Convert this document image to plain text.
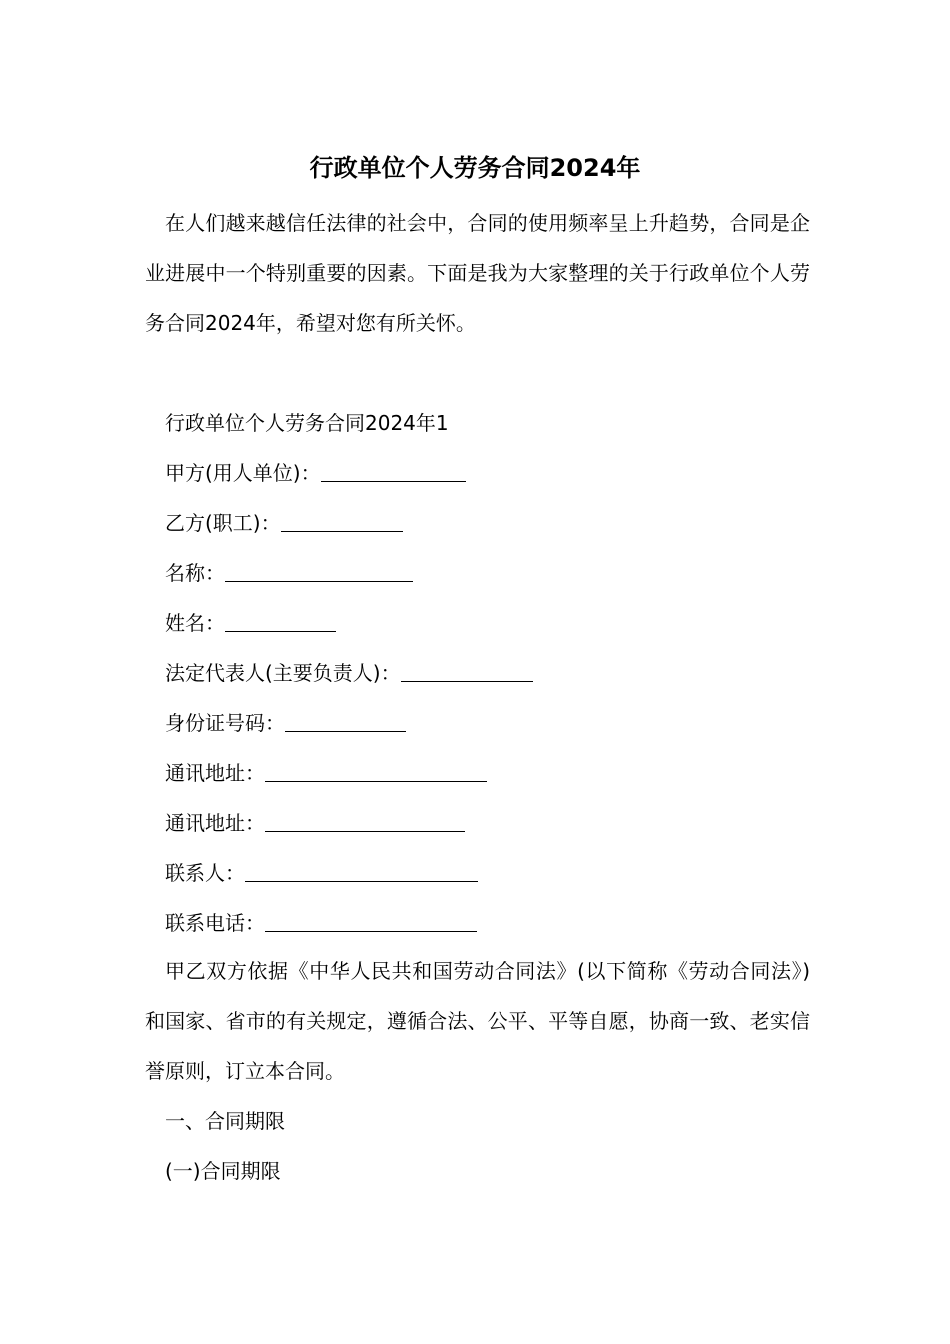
行政单位个人劳务合同2024年
在人们越来越信任法律的社会中，合同的使用频率呈上升趋势，合同是企业进展中一个特别重要的因素。下面是我为大家整理的关于行政单位个人劳务合同2024年，希望对您有所关怀。
行政单位个人劳务合同2024年1
甲方(用人单位)：
乙方(职工)：
名称：
姓名：
法定代表人(主要负责人)：
身份证号码：
通讯地址：
通讯地址：
联系人：
联系电话：
甲乙双方依据《中华人民共和国劳动合同法》(以下简称《劳动合同法》)和国家、省市的有关规定，遵循合法、公平、平等自愿，协商一致、老实信誉原则，订立本合同。
一、合同期限
(一)合同期限
